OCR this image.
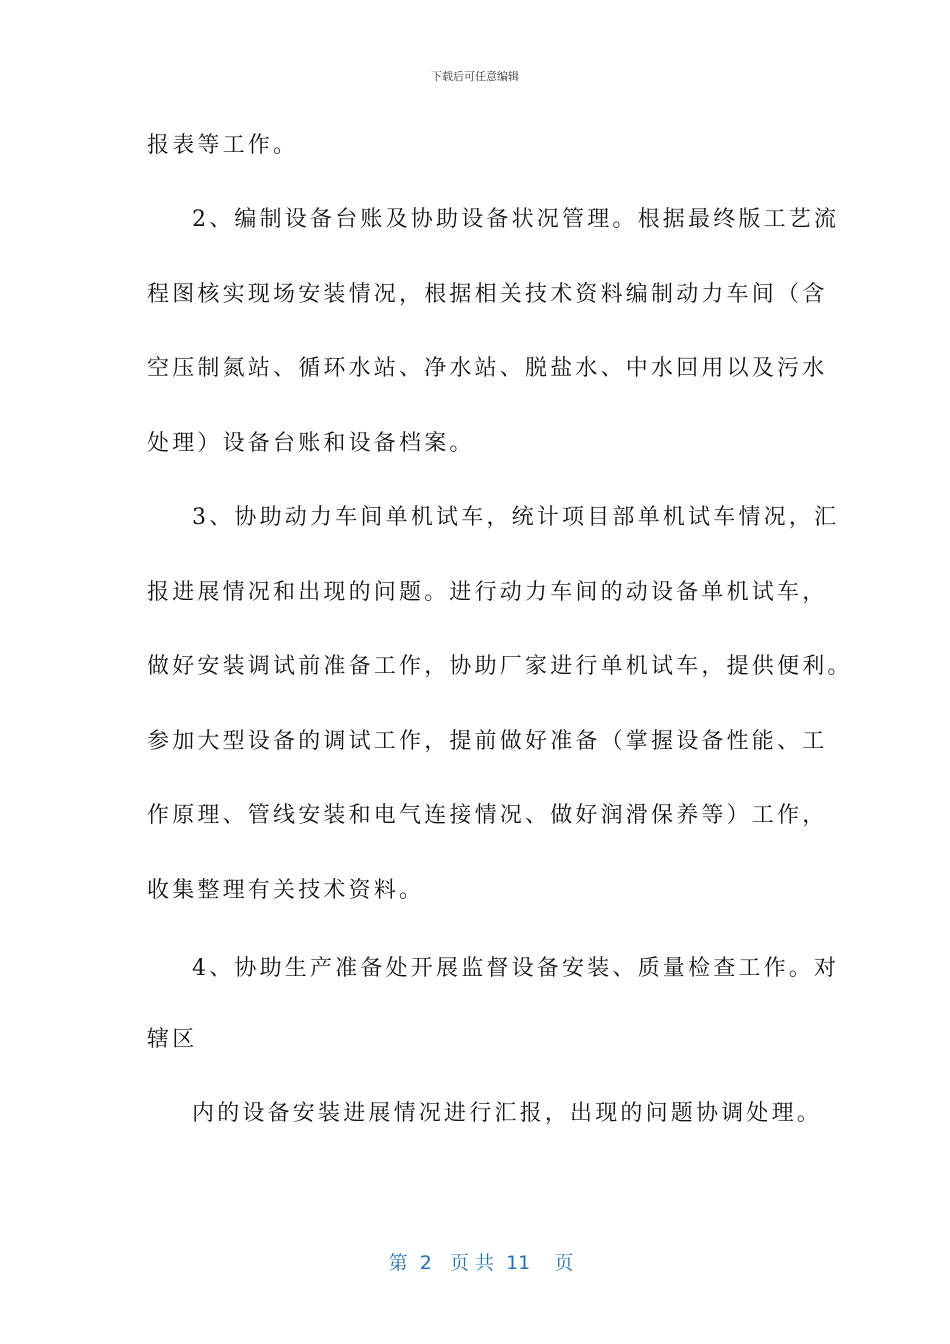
下载后可任意编辑
报表等工作。
2、编制设备台账及协助设备状况管理。根据最终版工艺流
程图核实现场安装情况，根据相关技术资料编制动力车间（含
空压制氮站、循环水站、净水站、脱盐水、中水回用以及污水
处理）设备台账和设备档案。
3、协助动力车间单机试车，统计项目部单机试车情况，汇
报进展情况和出现的问题。进行动力车间的动设备单机试车，
做好安装调试前准备工作，协助厂家进行单机试车，提供便利。
参加大型设备的调试工作，提前做好准备（掌握设备性能、工
作原理、管线安装和电气连接情况、做好润滑保养等）工作，
收集整理有关技术资料。
4、协助生产准备处开展监督设备安装、质量检查工作。对
辖区
内的设备安装进展情况进行汇报，出现的问题协调处理。

第  2   页 共  11    页
